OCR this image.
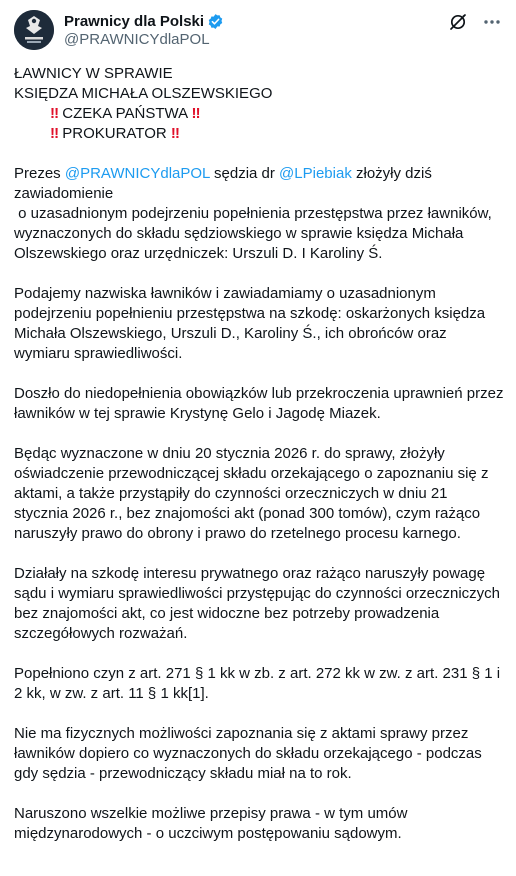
Prawnicy dla Polski
@PRAWNICYdlaPOL

ŁAWNICY W SPRAWIE

KSIĘDZA MICHAŁA OLSZEWSKIEGO

‼ CZEKA PAŃSTWA ‼

‼ PROKURATOR ‼

Prezes @PRAWNICYdlaPOL sędzia dr @LPiebiak złożyły dziś zawiadomienie

o uzasadnionym podejrzeniu popełnienia przestępstwa przez ławników, wyznaczonych do składu sędziowskiego w sprawie księdza Michała Olszewskiego oraz urzędniczek: Urszuli D. I Karoliny Ś.

Podajemy nazwiska ławników i zawiadamiamy o uzasadnionym podejrzeniu popełnieniu przestępstwa na szkodę: oskarżonych księdza Michała Olszewskiego, Urszuli D., Karoliny Ś., ich obrońców oraz wymiaru sprawiedliwości.

Doszło do niedopełnienia obowiązków lub przekroczenia uprawnień przez ławników w tej sprawie Krystynę Gelo i Jagodę Miazek.

Będąc wyznaczone w dniu 20 stycznia 2026 r. do sprawy, złożyły oświadczenie przewodniczącej składu orzekającego o zapoznaniu się z aktami, a także przystąpiły do czynności orzeczniczych w dniu 21 stycznia 2026 r., bez znajomości akt (ponad 300 tomów), czym rażąco naruszyły prawo do obrony i prawo do rzetelnego procesu karnego.

Działały na szkodę interesu prywatnego oraz rażąco naruszyły powagę sądu i wymiaru sprawiedliwości przystępując do czynności orzeczniczych bez znajomości akt, co jest widoczne bez potrzeby prowadzenia szczegółowych rozważań.

Popełniono czyn z art. 271 § 1 kk w zb. z art. 272 kk w zw. z art. 231 § 1 i 2 kk, w zw. z art. 11 § 1 kk[1].

Nie ma fizycznych możliwości zapoznania się z aktami sprawy przez ławników dopiero co wyznaczonych do składu orzekającego - podczas gdy sędzia - przewodniczący składu miał na to rok.

Naruszono wszelkie możliwe przepisy prawa - w tym umów międzynarodowych - o uczciwym postępowaniu sądowym.
